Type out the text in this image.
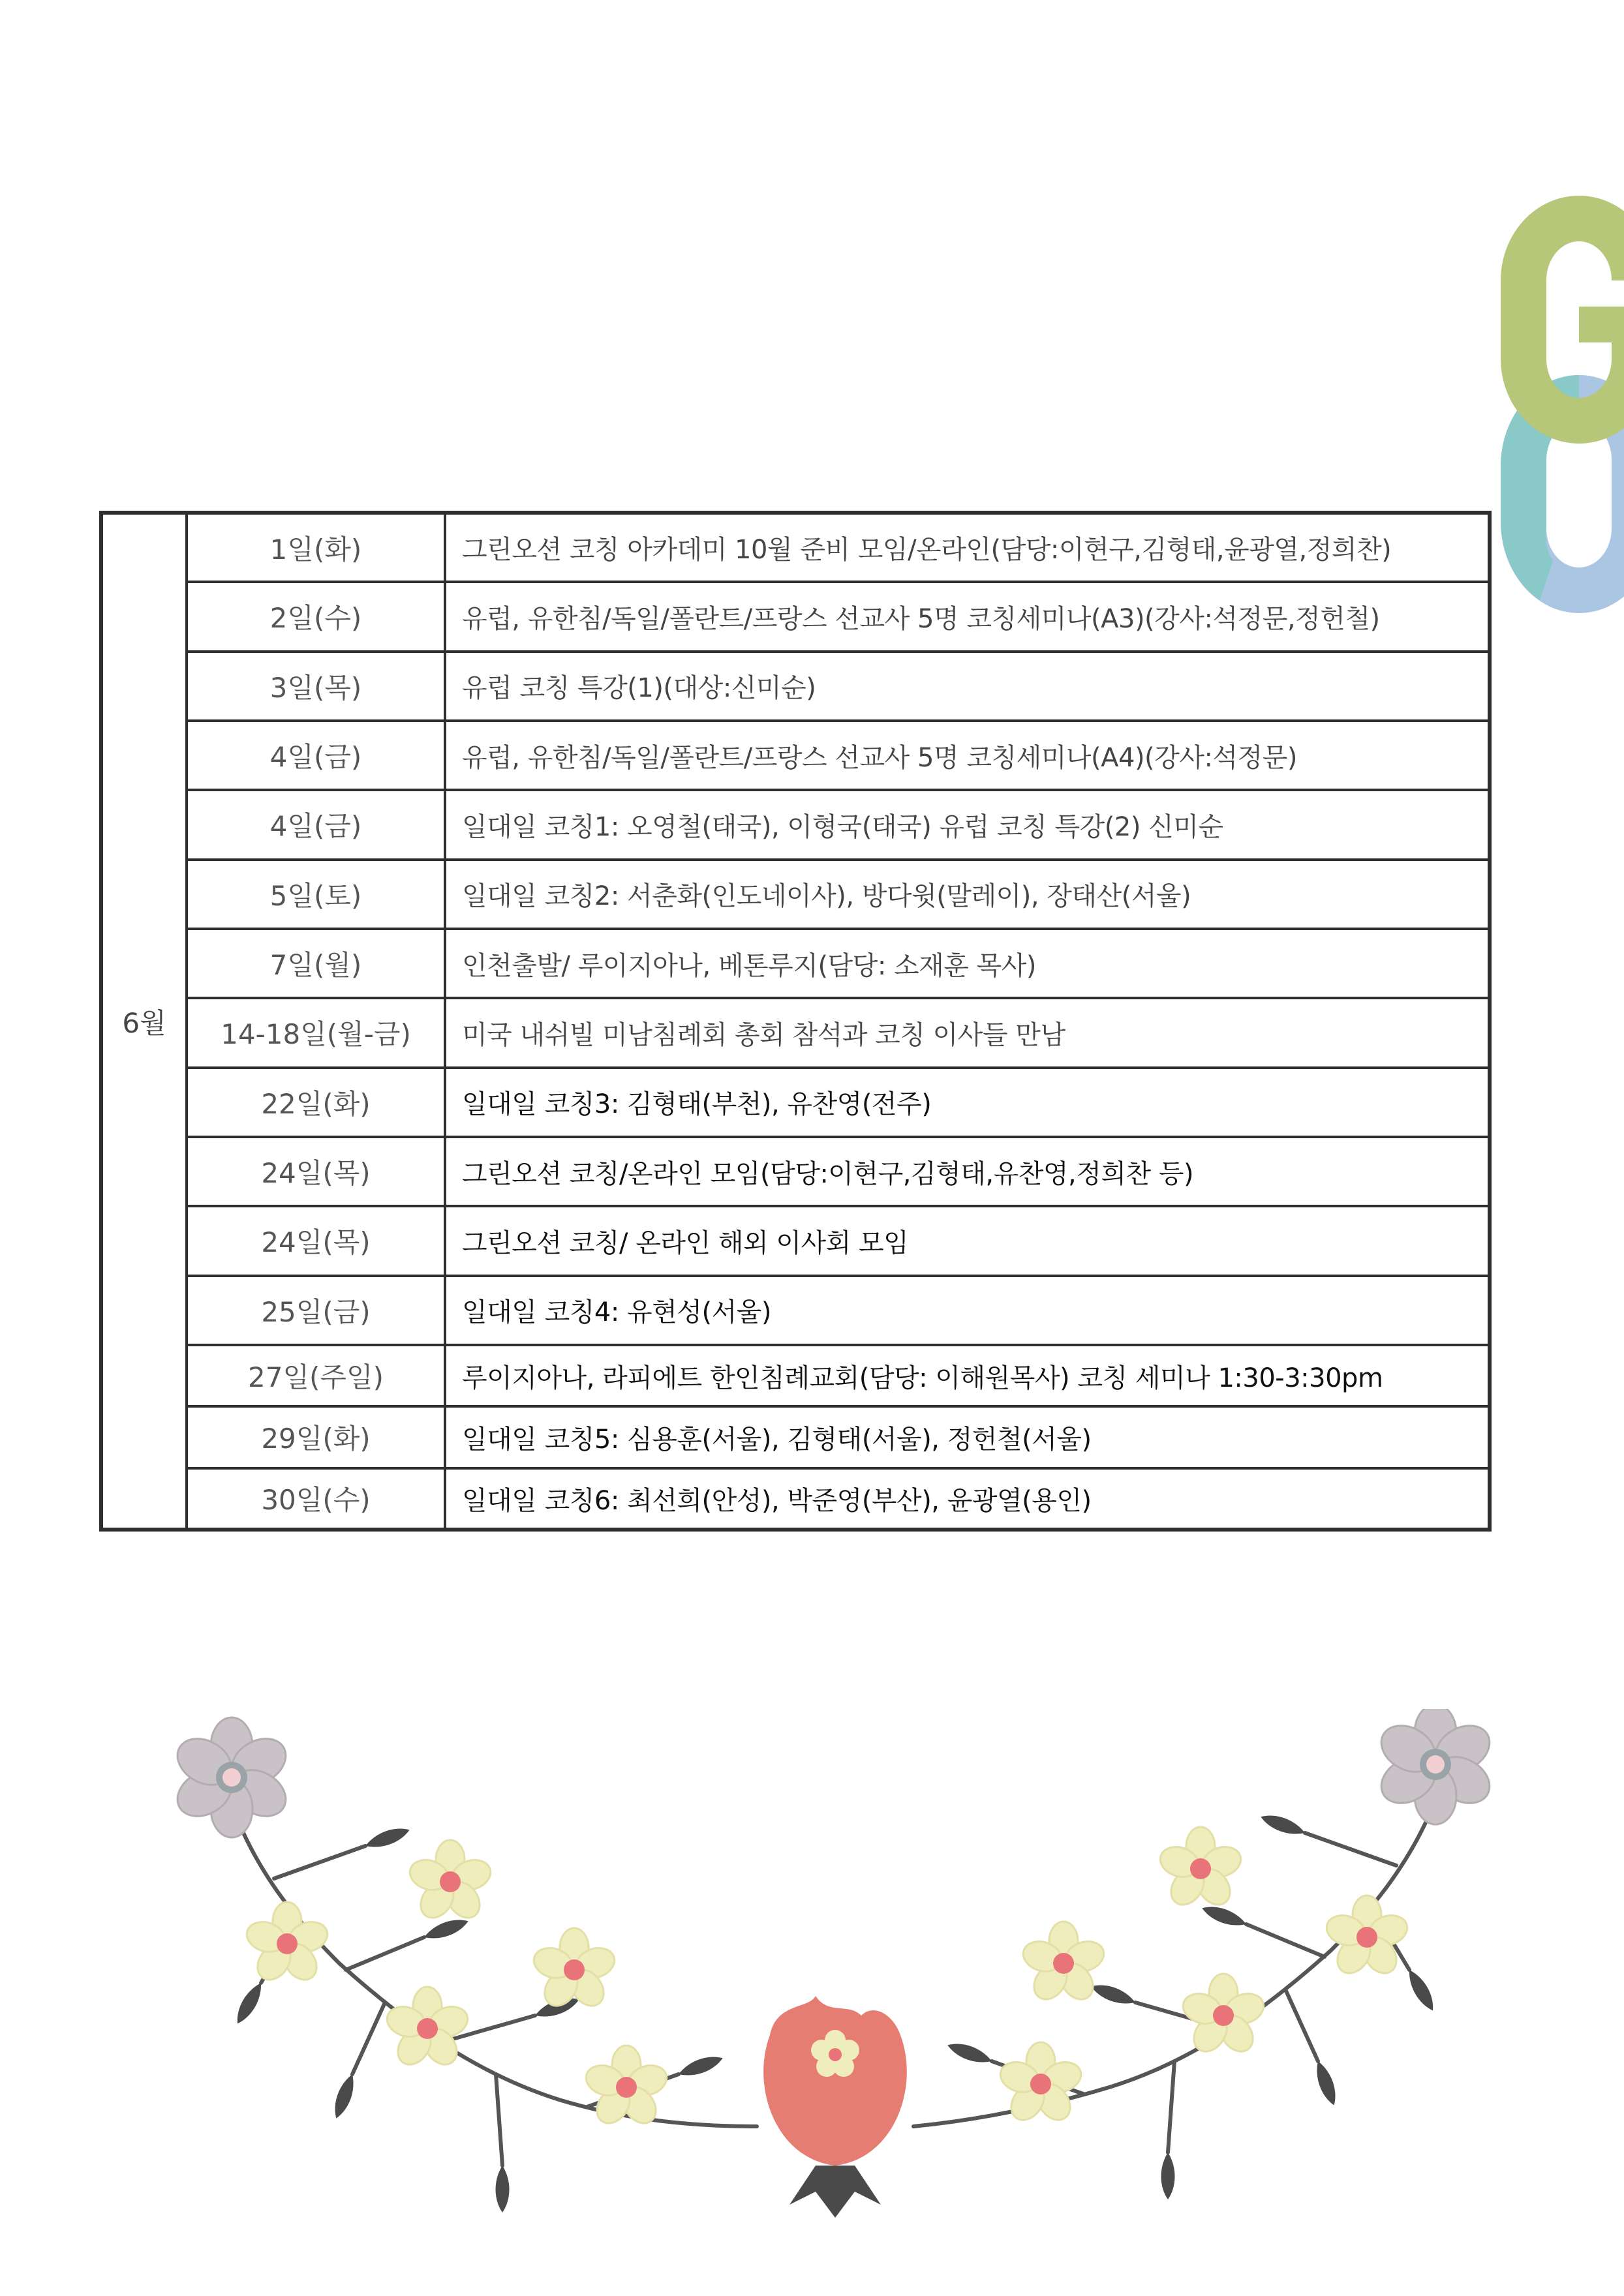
6월	1일(화)	그린오션 코칭 아카데미 10월 준비 모임/온라인(담당:이현구,김형태,윤광열,정희찬)
	2일(수)	유럽, 유한침/독일/폴란트/프랑스 선교사 5명 코칭세미나(A3)(강사:석정문,정헌철)
	3일(목)	유럽 코칭 특강(1)(대상:신미순)
	4일(금)	유럽, 유한침/독일/폴란트/프랑스 선교사 5명 코칭세미나(A4)(강사:석정문)
	4일(금)	일대일 코칭1: 오영철(태국), 이형국(태국) 유럽 코칭 특강(2) 신미순
	5일(토)	일대일 코칭2: 서춘화(인도네이사), 방다윗(말레이), 장태산(서울)
	7일(월)	인천출발/ 루이지아나, 베톤루지(담당: 소재훈 목사)
	14-18일(월-금)	미국 내쉬빌 미남침례회 총회 참석과 코칭 이사들 만남
	22일(화)	일대일 코칭3: 김형태(부천), 유찬영(전주)
	24일(목)	그린오션 코칭/온라인 모임(담당:이현구,김형태,유찬영,정희찬 등)
	24일(목)	그린오션 코칭/ 온라인 해외 이사회 모임
	25일(금)	일대일 코칭4: 유현성(서울)
	27일(주일)	루이지아나, 라피에트 한인침례교회(담당: 이해원목사) 코칭 세미나 1:30-3:30pm
	29일(화)	일대일 코칭5: 심용훈(서울), 김형태(서울), 정헌철(서울)
	30일(수)	일대일 코칭6: 최선희(안성), 박준영(부산), 윤광열(용인)
